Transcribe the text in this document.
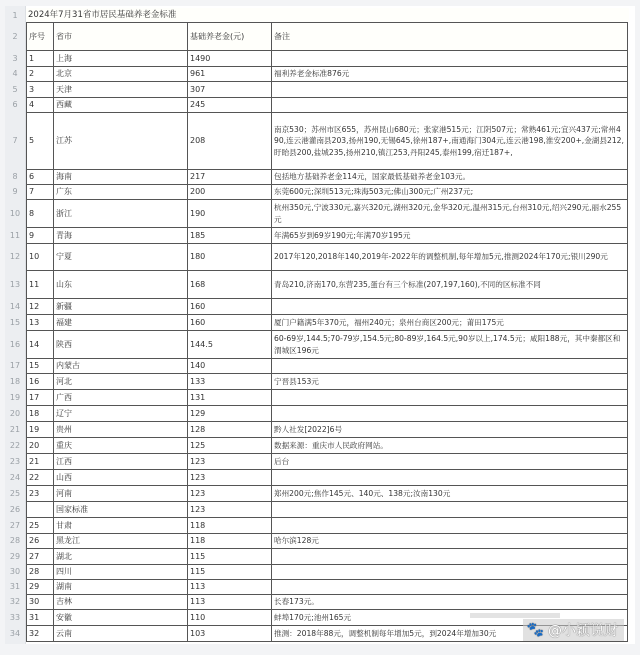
1
2
3
4
5
6
7
8
9
10
11
12
13
14
15
16
17
18
19
20
21
22
23
24
25
26
27
28
29
30
31
32
33
34
2024年7月31省市居民基础养老金标准
序号	省市	基础养老金(元)	备注
1	上海	1490	
2	北京	961	福利养老金标准876元
3	天津	307	
4	西藏	245	
5	江苏	208	南京530；苏州市区655，苏州昆山680元；张家港515元；江阴507元；常熟461元;宜兴437元;常州490,连云港灌南县203,扬州190,无锡645,徐州187+,南通海门304元,连云港198,淮安200+,金湖县212,盱眙县200,盐城235,扬州210,镇江253,丹阳245,泰州199,宿迁187+,
6	海南	217	包括地方基础养老金114元，国家最低基础养老金103元。
7	广东	200	东莞600元;深圳513元;珠海503元;佛山300元;广州237元;
8	浙江	190	杭州350元,宁波330元,嘉兴320元,湖州320元,金华320元,温州315元,台州310元,绍兴290元,丽水255元
9	青海	185	年满65岁到69岁190元;年满70岁195元
10	宁夏	180	2017年120,2018年140,2019年-2022年的调整机制,每年增加5元,推测2024年170元;银川290元
11	山东	168	青岛210,济南170,东营235,蛋台有三个标准(207,197,160),不同的区标准不同
12	新疆	160	
13	福建	160	厦门户籍满5年370元，福州240元；泉州台商区200元；莆田175元
14	陕西	144.5	60-69岁,144.5;70-79岁,154.5元;80-89岁,164.5元,90岁以上,174.5元；咸阳188元，其中秦都区和渭城区196元
15	内蒙古	140	
16	河北	133	宁晋县153元
17	广西	131	
18	辽宁	129	
19	贵州	128	黔人社发[2022]6号
20	重庆	125	数据来源：重庆市人民政府网站。
21	江西	123	后台
22	山西	123	
23	河南	123	郑州200元;焦作145元、140元、138元;汝南130元
	国家标准	123	
25	甘肃	118	
26	黑龙江	118	哈尔滨128元
27	湖北	115	
28	四川	115	
29	湖南	113	
30	吉林	113	长春173元。
31	安徽	110	蚌埠170元;池州165元
32	云南	103	推测：2018年88元，调整机制每年增加5元，到2024年增加30元 🐾 @小颖说财
